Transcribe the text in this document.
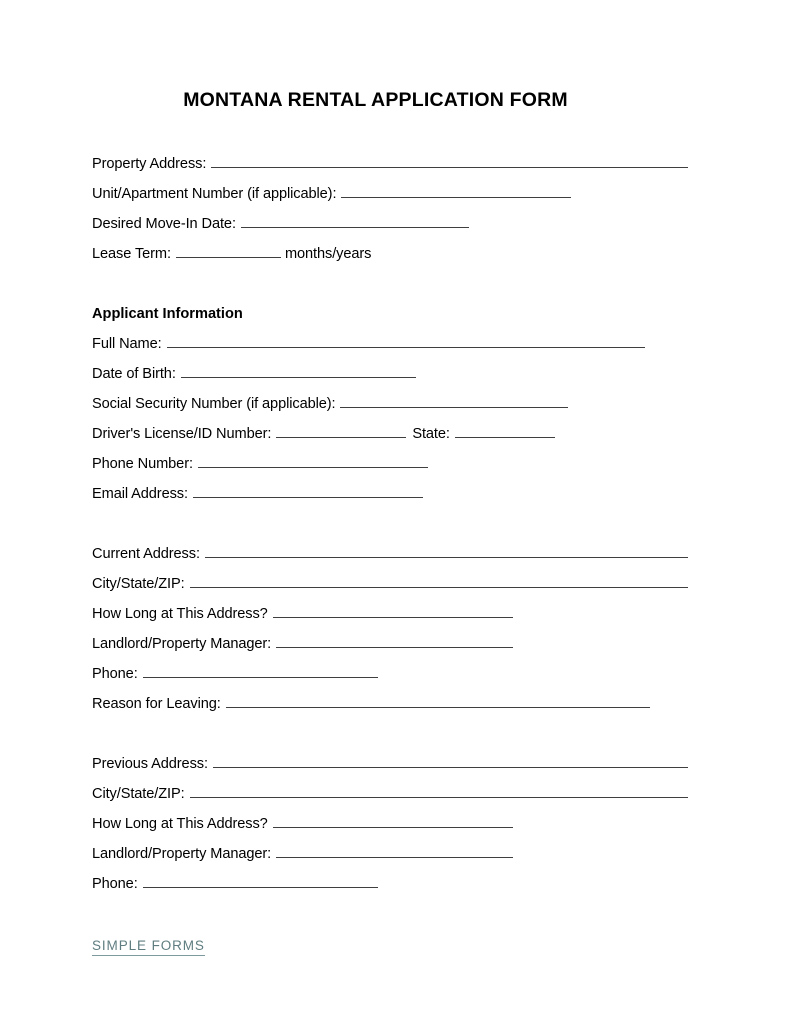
MONTANA RENTAL APPLICATION FORM
Property Address:
Unit/Apartment Number (if applicable):
Desired Move-In Date:
Lease Term:	months/years
Applicant Information
Full Name:
Date of Birth:
Social Security Number (if applicable):
Driver's License/ID Number:	State:
Phone Number:
Email Address:
Current Address:
City/State/ZIP:
How Long at This Address?
Landlord/Property Manager:
Phone:
Reason for Leaving:
Previous Address:
City/State/ZIP:
How Long at This Address?
Landlord/Property Manager:
Phone:
SIMPLE FORMS
